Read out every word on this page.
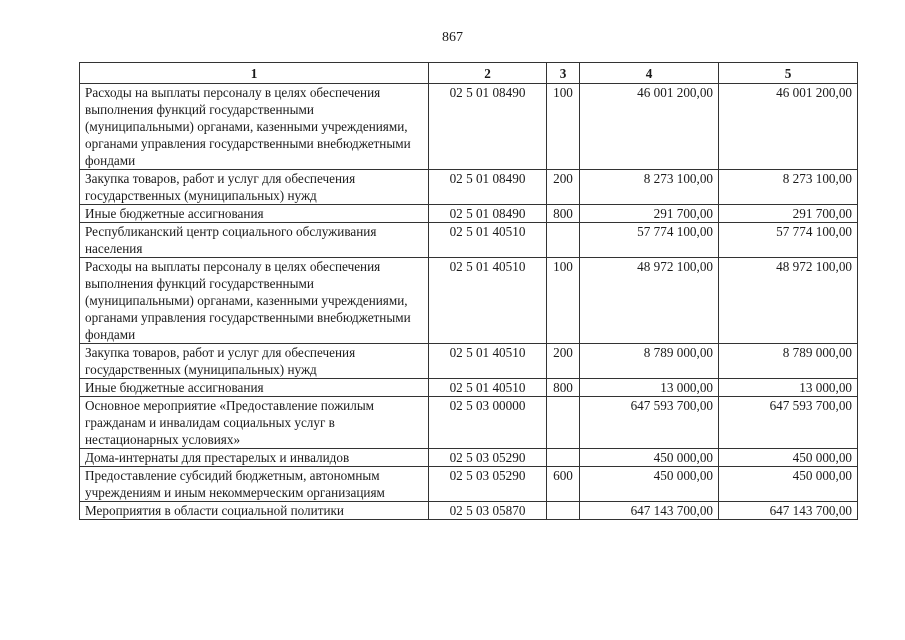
867
1	2	3	4	5
Расходы на выплаты персоналу в целях обеспечения выполнения функций государственными (муниципальными) органами, казенными учреждениями, органами управления государственными внебюджетными фондами	02 5 01 08490	100	46 001 200,00	46 001 200,00
Закупка товаров, работ и услуг для обеспечения государственных (муниципальных) нужд	02 5 01 08490	200	8 273 100,00	8 273 100,00
Иные бюджетные ассигнования	02 5 01 08490	800	291 700,00	291 700,00
Республиканский центр социального обслуживания населения	02 5 01 40510		57 774 100,00	57 774 100,00
Расходы на выплаты персоналу в целях обеспечения выполнения функций государственными (муниципальными) органами, казенными учреждениями, органами управления государственными внебюджетными фондами	02 5 01 40510	100	48 972 100,00	48 972 100,00
Закупка товаров, работ и услуг для обеспечения государственных (муниципальных) нужд	02 5 01 40510	200	8 789 000,00	8 789 000,00
Иные бюджетные ассигнования	02 5 01 40510	800	13 000,00	13 000,00
Основное мероприятие «Предоставление пожилым гражданам и инвалидам социальных услуг в нестационарных условиях»	02 5 03 00000		647 593 700,00	647 593 700,00
Дома-интернаты для престарелых и инвалидов	02 5 03 05290		450 000,00	450 000,00
Предоставление субсидий бюджетным, автономным учреждениям и иным некоммерческим организациям	02 5 03 05290	600	450 000,00	450 000,00
Мероприятия в области социальной политики	02 5 03 05870		647 143 700,00	647 143 700,00
